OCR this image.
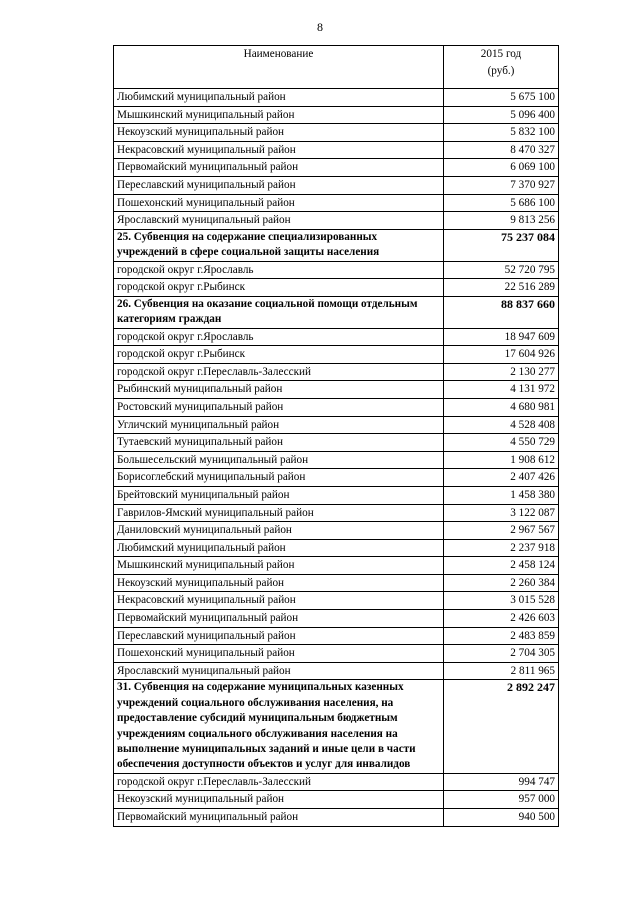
8
Наименование	2015 год
(руб.)

Любимский муниципальный район	5 675 100
Мышкинский муниципальный район	5 096 400
Некоузский муниципальный район	5 832 100
Некрасовский муниципальный район	8 470 327
Первомайский муниципальный район	6 069 100
Переславский муниципальный район	7 370 927
Пошехонский муниципальный район	5 686 100
Ярославский муниципальный район	9 813 256
25. Субвенция на содержание специализированных учреждений в сфере социальной защиты населения	75 237 084
городской округ г.Ярославль	52 720 795
городской округ г.Рыбинск	22 516 289
26. Субвенция на оказание социальной помощи отдельным категориям граждан	88 837 660
городской округ г.Ярославль	18 947 609
городской округ г.Рыбинск	17 604 926
городской округ г.Переславль-Залесский	2 130 277
Рыбинский муниципальный район	4 131 972
Ростовский муниципальный район	4 680 981
Угличский муниципальный район	4 528 408
Тутаевский муниципальный район	4 550 729
Большесельский муниципальный район	1 908 612
Борисоглебский муниципальный район	2 407 426
Брейтовский муниципальный район	1 458 380
Гаврилов-Ямский муниципальный район	3 122 087
Даниловский муниципальный район	2 967 567
Любимский муниципальный район	2 237 918
Мышкинский муниципальный район	2 458 124
Некоузский муниципальный район	2 260 384
Некрасовский муниципальный район	3 015 528
Первомайский муниципальный район	2 426 603
Переславский муниципальный район	2 483 859
Пошехонский муниципальный район	2 704 305
Ярославский муниципальный район	2 811 965
31. Субвенция на содержание муниципальных казенных учреждений социального обслуживания населения, на предоставление субсидий муниципальным бюджетным учреждениям социального обслуживания населения на выполнение муниципальных заданий и иные цели в части обеспечения доступности объектов и услуг для инвалидов	2 892 247
городской округ г.Переславль-Залесский	994 747
Некоузский муниципальный район	957 000
Первомайский муниципальный район	940 500
